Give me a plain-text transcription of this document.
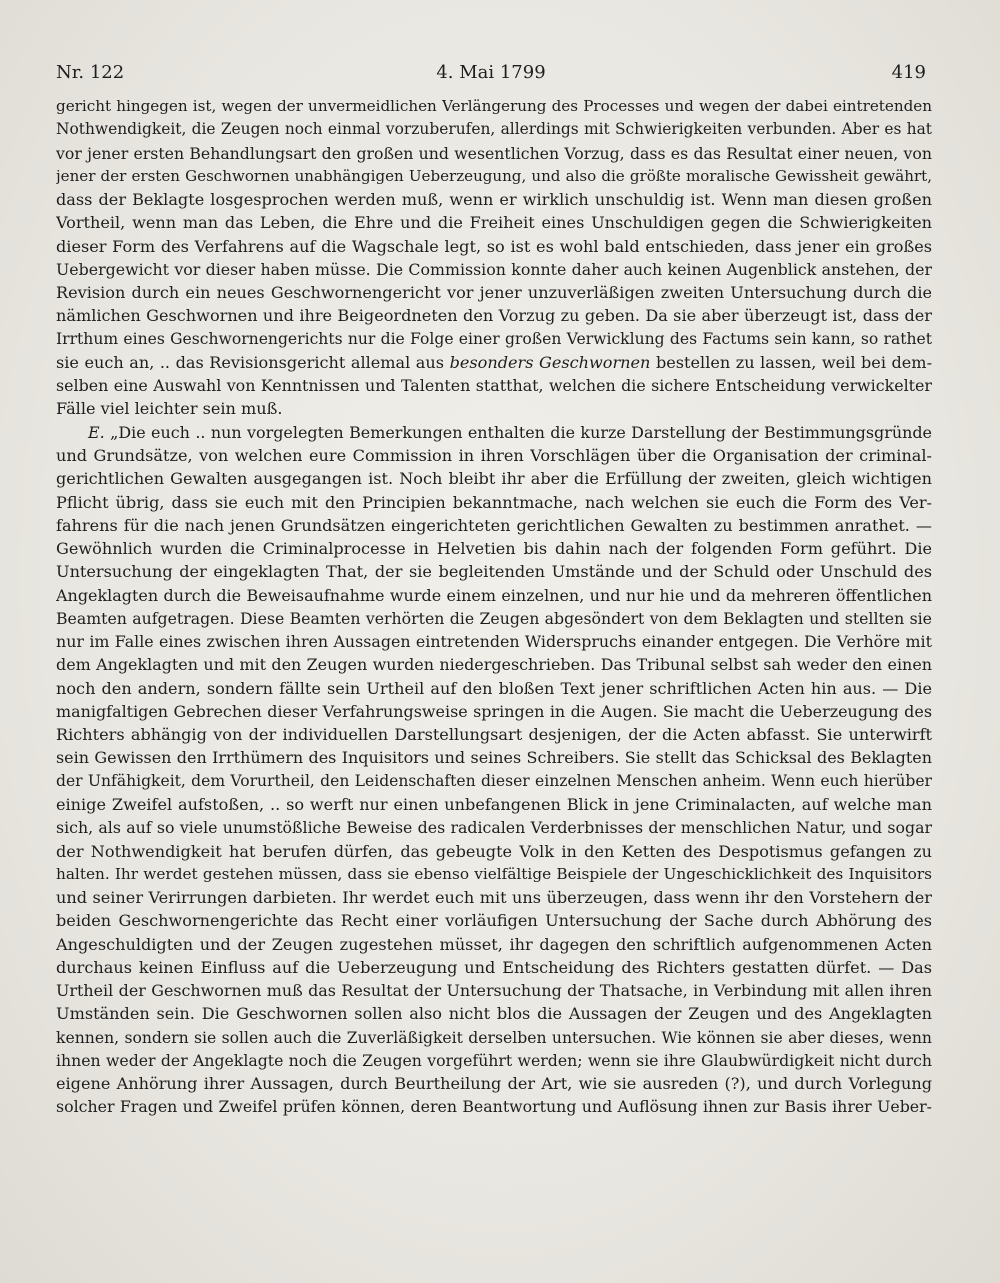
Nr. 122	4. Mai 1799	419
gericht hingegen ist, wegen der unvermeidlichen Verlängerung des Processes und wegen der dabei eintretenden
Nothwendigkeit, die Zeugen noch einmal vorzuberufen, allerdings mit Schwierigkeiten verbunden. Aber es hat
vor jener ersten Behandlungsart den großen und wesentlichen Vorzug, dass es das Resultat einer neuen, von
jener der ersten Geschwornen unabhängigen Ueberzeugung, und also die größte moralische Gewissheit gewährt,
dass der Beklagte losgesprochen werden muß, wenn er wirklich unschuldig ist. Wenn man diesen großen
Vortheil, wenn man das Leben, die Ehre und die Freiheit eines Unschuldigen gegen die Schwierigkeiten
dieser Form des Verfahrens auf die Wagschale legt, so ist es wohl bald entschieden, dass jener ein großes
Uebergewicht vor dieser haben müsse. Die Commission konnte daher auch keinen Augenblick anstehen, der
Revision durch ein neues Geschwornengericht vor jener unzuverläßigen zweiten Untersuchung durch die
nämlichen Geschwornen und ihre Beigeordneten den Vorzug zu geben. Da sie aber überzeugt ist, dass der
Irrthum eines Geschwornengerichts nur die Folge einer großen Verwicklung des Factums sein kann, so rathet
sie euch an, .. das Revisionsgericht allemal aus besonders Geschwornen bestellen zu lassen, weil bei dem-
selben eine Auswahl von Kenntnissen und Talenten statthat, welchen die sichere Entscheidung verwickelter
Fälle viel leichter sein muß.
E. „Die euch .. nun vorgelegten Bemerkungen enthalten die kurze Darstellung der Bestimmungsgründe
und Grundsätze, von welchen eure Commission in ihren Vorschlägen über die Organisation der criminal-
gerichtlichen Gewalten ausgegangen ist. Noch bleibt ihr aber die Erfüllung der zweiten, gleich wichtigen
Pflicht übrig, dass sie euch mit den Principien bekanntmache, nach welchen sie euch die Form des Ver-
fahrens für die nach jenen Grundsätzen eingerichteten gerichtlichen Gewalten zu bestimmen anrathet. —
Gewöhnlich wurden die Criminalprocesse in Helvetien bis dahin nach der folgenden Form geführt. Die
Untersuchung der eingeklagten That, der sie begleitenden Umstände und der Schuld oder Unschuld des
Angeklagten durch die Beweisaufnahme wurde einem einzelnen, und nur hie und da mehreren öffentlichen
Beamten aufgetragen. Diese Beamten verhörten die Zeugen abgesöndert von dem Beklagten und stellten sie
nur im Falle eines zwischen ihren Aussagen eintretenden Widerspruchs einander entgegen. Die Verhöre mit
dem Angeklagten und mit den Zeugen wurden niedergeschrieben. Das Tribunal selbst sah weder den einen
noch den andern, sondern fällte sein Urtheil auf den bloßen Text jener schriftlichen Acten hin aus. — Die
manigfaltigen Gebrechen dieser Verfahrungsweise springen in die Augen. Sie macht die Ueberzeugung des
Richters abhängig von der individuellen Darstellungsart desjenigen, der die Acten abfasst. Sie unterwirft
sein Gewissen den Irrthümern des Inquisitors und seines Schreibers. Sie stellt das Schicksal des Beklagten
der Unfähigkeit, dem Vorurtheil, den Leidenschaften dieser einzelnen Menschen anheim. Wenn euch hierüber
einige Zweifel aufstoßen, .. so werft nur einen unbefangenen Blick in jene Criminalacten, auf welche man
sich, als auf so viele unumstößliche Beweise des radicalen Verderbnisses der menschlichen Natur, und sogar
der Nothwendigkeit hat berufen dürfen, das gebeugte Volk in den Ketten des Despotismus gefangen zu
halten. Ihr werdet gestehen müssen, dass sie ebenso vielfältige Beispiele der Ungeschicklichkeit des Inquisitors
und seiner Verirrungen darbieten. Ihr werdet euch mit uns überzeugen, dass wenn ihr den Vorstehern der
beiden Geschwornengerichte das Recht einer vorläufigen Untersuchung der Sache durch Abhörung des
Angeschuldigten und der Zeugen zugestehen müsset, ihr dagegen den schriftlich aufgenommenen Acten
durchaus keinen Einfluss auf die Ueberzeugung und Entscheidung des Richters gestatten dürfet. — Das
Urtheil der Geschwornen muß das Resultat der Untersuchung der Thatsache, in Verbindung mit allen ihren
Umständen sein. Die Geschwornen sollen also nicht blos die Aussagen der Zeugen und des Angeklagten
kennen, sondern sie sollen auch die Zuverläßigkeit derselben untersuchen. Wie können sie aber dieses, wenn
ihnen weder der Angeklagte noch die Zeugen vorgeführt werden; wenn sie ihre Glaubwürdigkeit nicht durch
eigene Anhörung ihrer Aussagen, durch Beurtheilung der Art, wie sie ausreden (?), und durch Vorlegung
solcher Fragen und Zweifel prüfen können, deren Beantwortung und Auflösung ihnen zur Basis ihrer Ueber-
